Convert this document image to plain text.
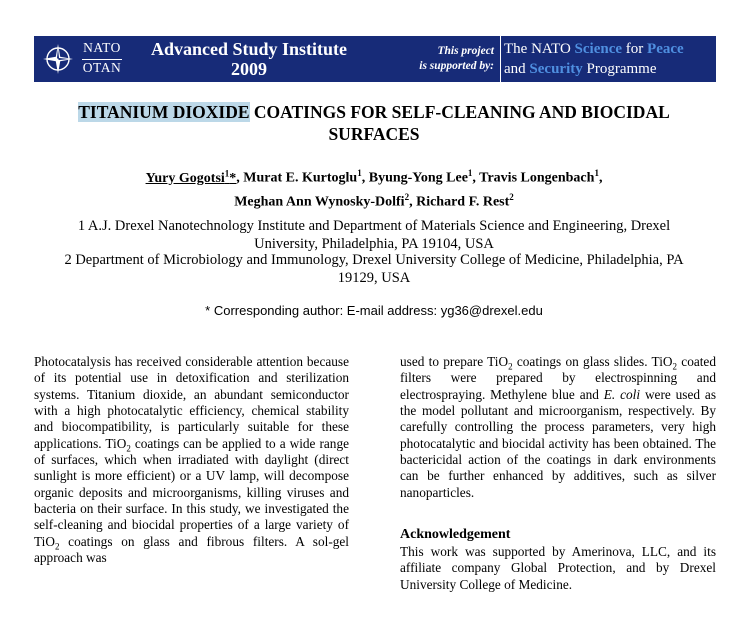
NATO
OTAN
Advanced Study Institute
2009
This project
is supported by:
The NATO Science for Peace
and Security Programme
TITANIUM DIOXIDE COATINGS FOR SELF-CLEANING AND BIOCIDAL
SURFACES
Yury Gogotsi$^1$*, Murat E. Kurtoglu$^1$, Byung-Yong Lee$^1$, Travis Longenbach$^1$,
Meghan Ann Wynosky-Dolfi$^2$, Richard F. Rest$^2$
1 A.J. Drexel Nanotechnology Institute and Department of Materials Science and Engineering, Drexel
University, Philadelphia, PA 19104, USA
2 Department of Microbiology and Immunology, Drexel University College of Medicine, Philadelphia, PA
19129, USA
* Corresponding author: E-mail address: yg36@drexel.edu

Photocatalysis has received considerable attention because of its potential use in detoxification and sterilization systems. Titanium dioxide, an abundant semiconductor with a high photocatalytic efficiency, chemical stability and biocompatibility, is particularly suitable for these applications. TiO$_2$ coatings can be applied to a wide range of surfaces, which when irradiated with daylight (direct sunlight is more efficient) or a UV lamp, will decompose organic deposits and microorganisms, killing viruses and bacteria on their surface. In this study, we investigated the self-cleaning and biocidal properties of a large variety of TiO$_2$ coatings on glass and fibrous filters. A sol-gel approach was

used to prepare TiO$_2$ coatings on glass slides. TiO$_2$ coated filters were prepared by electrospinning and electrospraying. Methylene blue and E. coli were used as the model pollutant and microorganism, respectively. By carefully controlling the process parameters, very high photocatalytic and biocidal activity has been obtained. The bactericidal action of the coatings in dark environments can be further enhanced by additives, such as silver nanoparticles.

Acknowledgement
This work was supported by Amerinova, LLC, and its affiliate company Global Protection, and by Drexel University College of Medicine.
